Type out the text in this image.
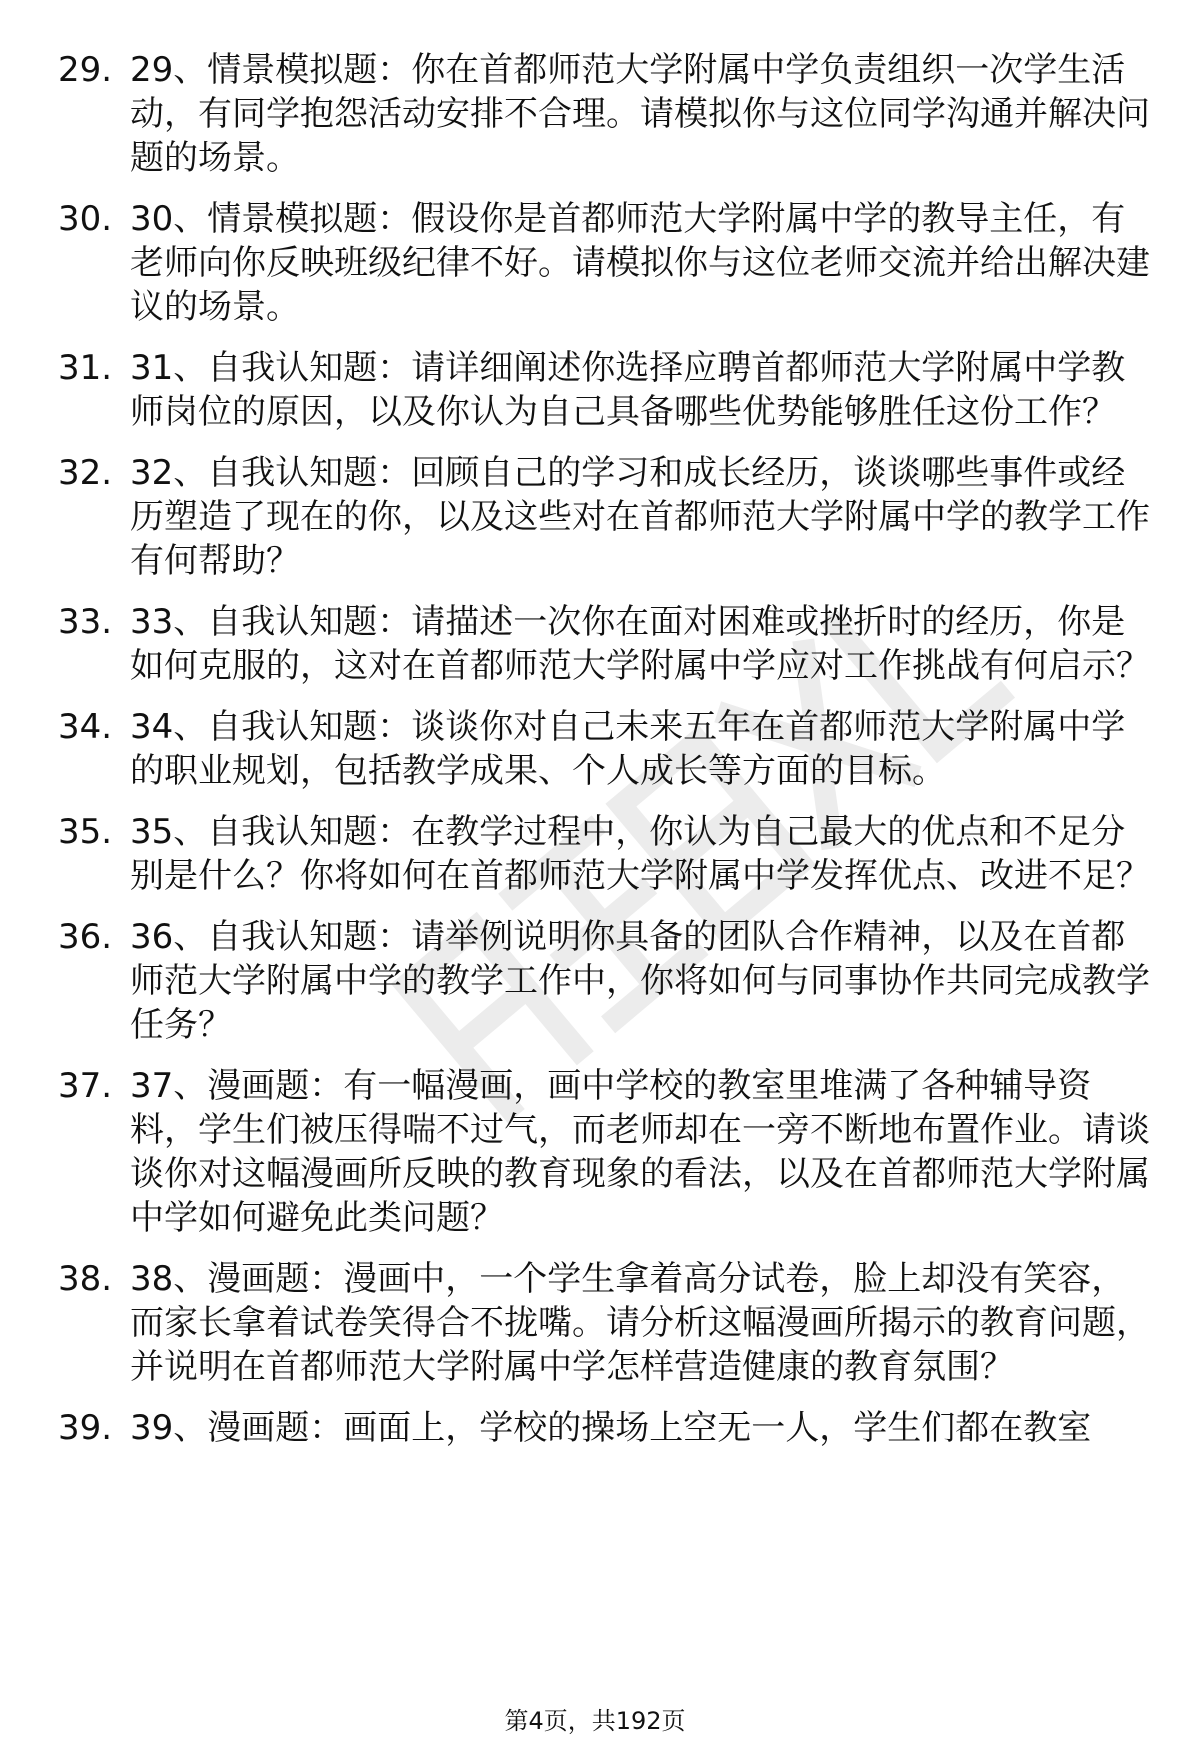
29. 29、情景模拟题：你在首都师范大学附属中学负责组织一次学生活动，有同学抱怨活动安排不合理。请模拟你与这位同学沟通并解决问题的场景。
30. 30、情景模拟题：假设你是首都师范大学附属中学的教导主任，有老师向你反映班级纪律不好。请模拟你与这位老师交流并给出解决建议的场景。
31. 31、自我认知题：请详细阐述你选择应聘首都师范大学附属中学教师岗位的原因，以及你认为自己具备哪些优势能够胜任这份工作？
32. 32、自我认知题：回顾自己的学习和成长经历，谈谈哪些事件或经历塑造了现在的你，以及这些对在首都师范大学附属中学的教学工作有何帮助？
33. 33、自我认知题：请描述一次你在面对困难或挫折时的经历，你是如何克服的，这对在首都师范大学附属中学应对工作挑战有何启示？
34. 34、自我认知题：谈谈你对自己未来五年在首都师范大学附属中学的职业规划，包括教学成果、个人成长等方面的目标。
35. 35、自我认知题：在教学过程中，你认为自己最大的优点和不足分别是什么？你将如何在首都师范大学附属中学发挥优点、改进不足？
36. 36、自我认知题：请举例说明你具备的团队合作精神，以及在首都师范大学附属中学的教学工作中，你将如何与同事协作共同完成教学任务？
37. 37、漫画题：有一幅漫画，画中学校的教室里堆满了各种辅导资料，学生们被压得喘不过气，而老师却在一旁不断地布置作业。请谈谈你对这幅漫画所反映的教育现象的看法，以及在首都师范大学附属中学如何避免此类问题？
38. 38、漫画题：漫画中，一个学生拿着高分试卷，脸上却没有笑容，而家长拿着试卷笑得合不拢嘴。请分析这幅漫画所揭示的教育问题，并说明在首都师范大学附属中学怎样营造健康的教育氛围？
39. 39、漫画题：画面上，学校的操场上空无一人，学生们都在教室
第4页，共192页
